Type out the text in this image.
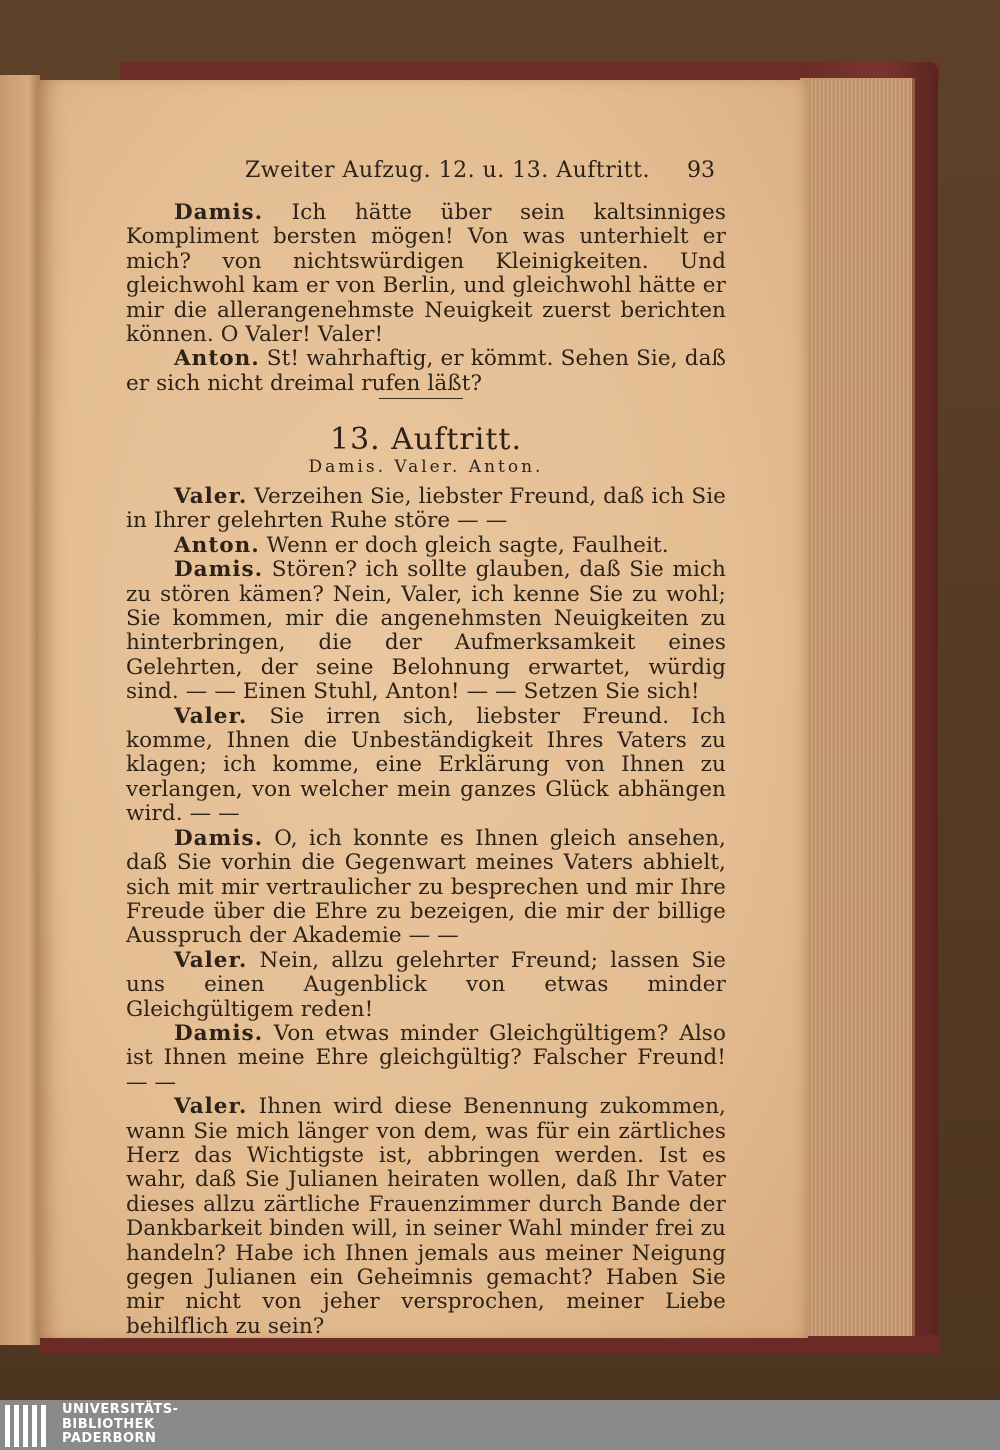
Zweiter Aufzug. 12. u. 13. Auftritt. 93

Damis. Ich hätte über sein kaltsinniges Kompliment bersten mögen! Von was unterhielt er mich? von nichtswürdigen Kleinigkeiten. Und gleichwohl kam er von Berlin, und gleichwohl hätte er mir die allerangenehmste Neuigkeit zuerst berichten können. O Valer! Valer!

Anton. St! wahrhaftig, er kömmt. Sehen Sie, daß er sich nicht dreimal rufen läßt?

13. Auftritt.
Damis. Valer. Anton.

Valer. Verzeihen Sie, liebster Freund, daß ich Sie in Ihrer gelehrten Ruhe störe — —

Anton. Wenn er doch gleich sagte, Faulheit.

Damis. Stören? ich sollte glauben, daß Sie mich zu stören kämen? Nein, Valer, ich kenne Sie zu wohl; Sie kommen, mir die angenehmsten Neuigkeiten zu hinterbringen, die der Aufmerksamkeit eines Gelehrten, der seine Belohnung erwartet, würdig sind. — — Einen Stuhl, Anton! — — Setzen Sie sich!

Valer. Sie irren sich, liebster Freund. Ich komme, Ihnen die Unbeständigkeit Ihres Vaters zu klagen; ich komme, eine Erklärung von Ihnen zu verlangen, von welcher mein ganzes Glück abhängen wird. — —

Damis. O, ich konnte es Ihnen gleich ansehen, daß Sie vorhin die Gegenwart meines Vaters abhielt, sich mit mir vertraulicher zu besprechen und mir Ihre Freude über die Ehre zu bezeigen, die mir der billige Ausspruch der Akademie — —

Valer. Nein, allzu gelehrter Freund; lassen Sie uns einen Augenblick von etwas minder Gleichgültigem reden!

Damis. Von etwas minder Gleichgültigem? Also ist Ihnen meine Ehre gleichgültig? Falscher Freund! — —

Valer. Ihnen wird diese Benennung zukommen, wann Sie mich länger von dem, was für ein zärtliches Herz das Wichtigste ist, abbringen werden. Ist es wahr, daß Sie Julianen heiraten wollen, daß Ihr Vater dieses allzu zärtliche Frauenzimmer durch Bande der Dankbarkeit binden will, in seiner Wahl minder frei zu handeln? Habe ich Ihnen jemals aus meiner Neigung gegen Julianen ein Geheimnis gemacht? Haben Sie mir nicht von jeher versprochen, meiner Liebe behilflich zu sein?

UNIVERSITÄTS-
BIBLIOTHEK
PADERBORN
